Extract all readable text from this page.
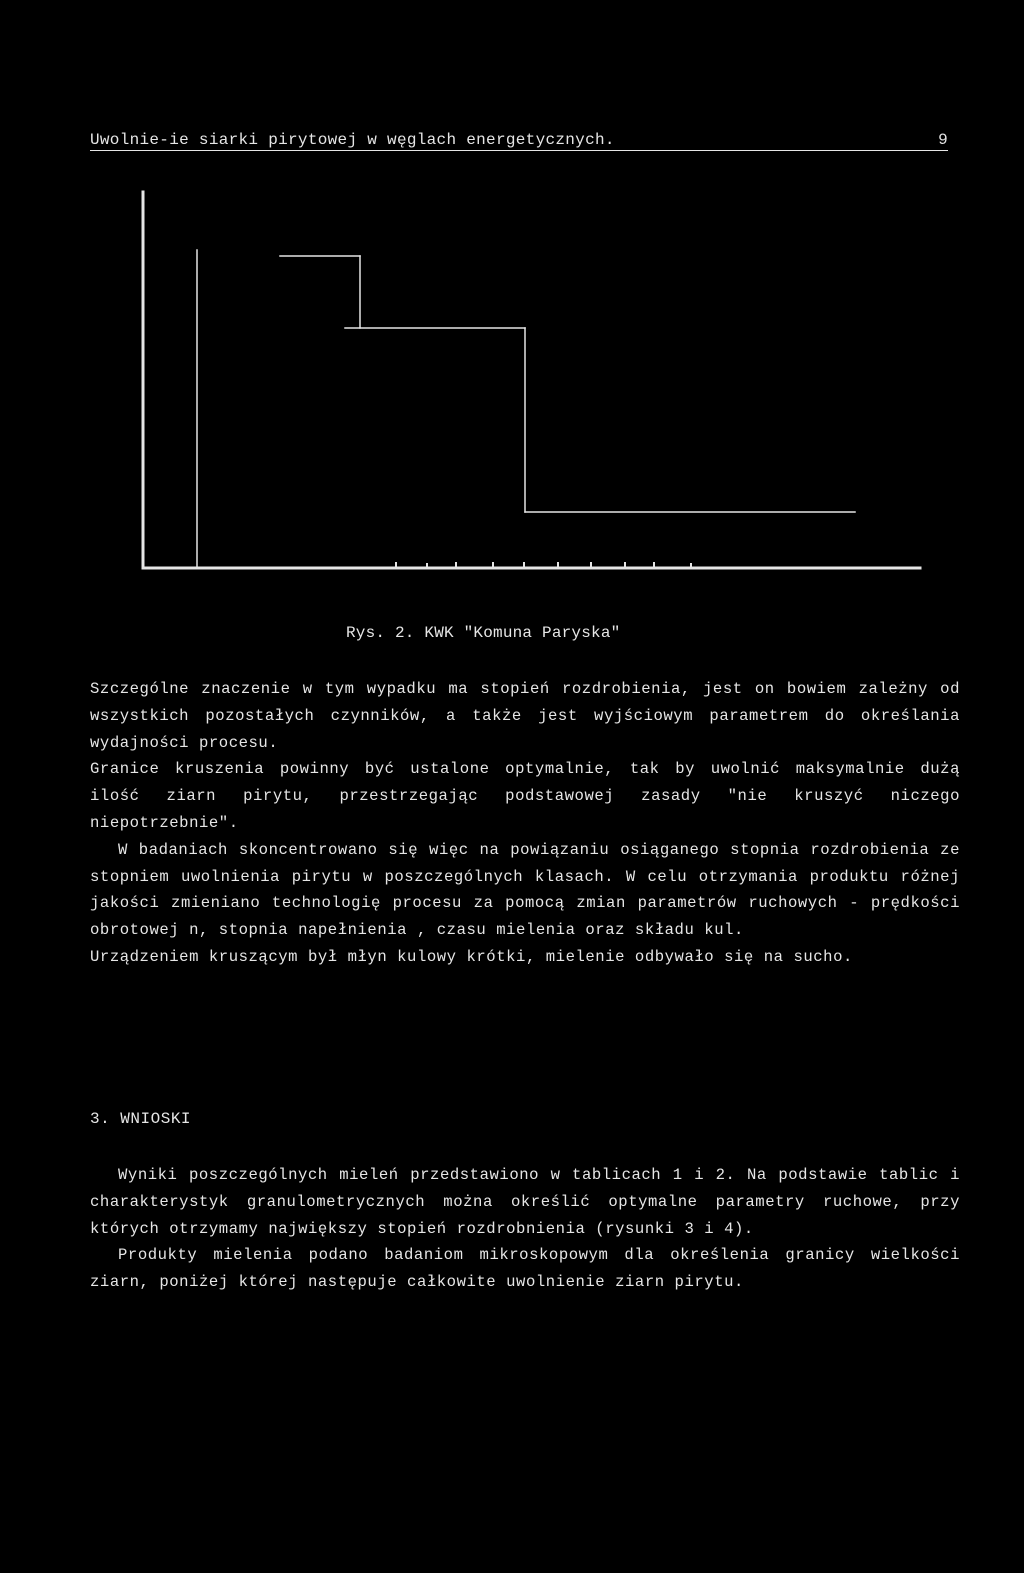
Uwolnie-ie siarki pirytowej w węglach energetycznych.	9
Rys. 2. KWK "Komuna Paryska"

Szczególne znaczenie w tym wypadku ma stopień rozdrobienia, jest on bowiem zależny od wszystkich pozostałych czynników, a także jest wyjściowym parametrem do określania wydajności procesu.

Granice kruszenia powinny być ustalone optymalnie, tak by uwolnić maksymalnie dużą ilość ziarn pirytu, przestrzegając podstawowej zasady "nie kruszyć niczego niepotrzebnie".

W badaniach skoncentrowano się więc na powiązaniu osiąganego stopnia rozdrobienia ze stopniem uwolnienia pirytu w poszczególnych klasach. W celu otrzymania produktu różnej jakości zmieniano technologię procesu za pomocą zmian parametrów ruchowych - prędkości obrotowej n, stopnia napełnienia , czasu mielenia oraz składu kul.

Urządzeniem kruszącym był młyn kulowy krótki, mielenie odbywało się na sucho.

3. WNIOSKI

Wyniki poszczególnych mieleń przedstawiono w tablicach 1 i 2. Na podstawie tablic i charakterystyk granulometrycznych można określić optymalne parametry ruchowe, przy których otrzymamy największy stopień rozdrobnienia (rysunki 3 i 4).

Produkty mielenia podano badaniom mikroskopowym dla określenia granicy wielkości ziarn, poniżej której następuje całkowite uwolnienie ziarn pirytu.
